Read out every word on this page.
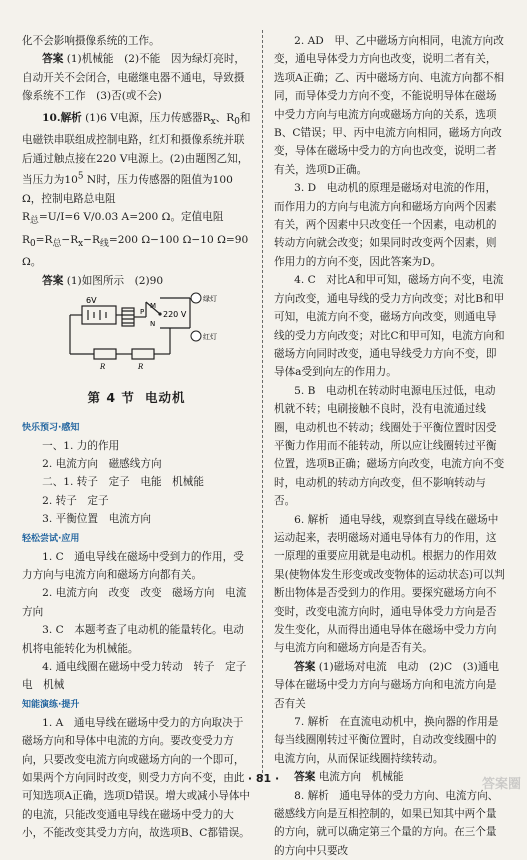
化不会影响摄像系统的工作。

答案 (1)机械能　(2)不能　因为绿灯亮时，自动开关不会闭合，电磁继电器不通电，导致摄像系统不工作　(3)否(或不会)

10.解析 (1)6 V电源，压力传感器$R_x$、$R_0$和电磁铁串联组成控制电路，红灯和摄像系统并联后通过触点接在220 V电源上。(2)由题图乙知，当压力为$10^5$ N时，压力传感器的阻值为100 Ω，控制电路总电阻

$R_总=U/I=6$ V/0.03 A=200 Ω。定值电阻$R_0=R_总-R_x-R_线=200$ Ω−100 Ω−10 Ω=90 Ω。

答案 (1)如图所示　(2)90

6V
M
P
N
220 V
绿灯
红灯
R	R
第 4 节 电动机
快乐预习·感知

一、1. 力的作用

2. 电流方向　磁感线方向

二、1. 转子　定子　电能　机械能

2. 转子　定子

3. 平衡位置　电流方向

轻松尝试·应用

1. C　通电导线在磁场中受到力的作用，受力方向与电流方向和磁场方向都有关。

2. 电流方向　改变　改变　磁场方向　电流方向

3. C　本题考查了电动机的能量转化。电动机将电能转化为机械能。

4. 通电线圈在磁场中受力转动　转子　定子　电　机械

知能演练·提升

1. A　通电导线在磁场中受力的方向取决于磁场方向和导体中电流的方向。要改变受力方向，只要改变电流方向或磁场方向的一个即可，如果两个方向同时改变，则受力方向不变，由此可知选项A正确，选项D错误。增大或减小导体中的电流，只能改变通电导线在磁场中受力的大小，不能改变其受力方向，故选项B、C都错误。

2. AD　甲、乙中磁场方向相同，电流方向改变，通电导体受力方向也改变，说明二者有关，选项A正确；乙、丙中磁场方向、电流方向都不相同，而导体受力方向不变，不能说明导体在磁场中受力方向与电流方向或磁场方向的关系，选项B、C错误；甲、丙中电流方向相同，磁场方向改变，导体在磁场中受力的方向也改变，说明二者有关，选项D正确。

3. D　电动机的原理是磁场对电流的作用，而作用力的方向与电流方向和磁场方向两个因素有关，两个因素中只改变任一个因素，电动机的转动方向就会改变；如果同时改变两个因素，则作用力的方向不变，因此答案为D。

4. C　对比A和甲可知，磁场方向不变，电流方向改变，通电导线的受力方向改变；对比B和甲可知，电流方向不变，磁场方向改变，则通电导线的受力方向改变；对比C和甲可知，电流方向和磁场方向同时改变，通电导线受力方向不变，即导体a受到向左的作用力。

5. B　电动机在转动时电源电压过低，电动机就不转；电刷接触不良时，没有电流通过线圈，电动机也不转动；线圈处于平衡位置时因受平衡力作用而不能转动，所以应让线圈转过平衡位置，选项B正确；磁场方向改变，电流方向不变时，电动机的转动方向改变，但不影响转动与否。

6. 解析　通电导线，观察到直导线在磁场中运动起来，表明磁场对通电导体有力的作用，这一原理的重要应用就是电动机。根据力的作用效果(使物体发生形变或改变物体的运动状态)可以判断出物体是否受到力的作用。要探究磁场方向不变时，改变电流方向时，通电导体受力方向是否发生变化，从而得出通电导体在磁场中受力方向与电流方向和磁场方向是否有关。

答案 (1)磁场对电流　电动　(2)C　(3)通电导体在磁场中受力方向与磁场方向和电流方向是否有关

7. 解析　在直流电动机中，换向器的作用是每当线圈刚转过平衡位置时，自动改变线圈中的电流方向，从而保证线圈持续转动。

答案 电流方向　机械能

8. 解析　通电导体的受力方向、电流方向、磁感线方向是互相控制的，如果已知其中两个量的方向，就可以确定第三个量的方向。在三个量的方向中只要改

· 81 ·	答案圈
